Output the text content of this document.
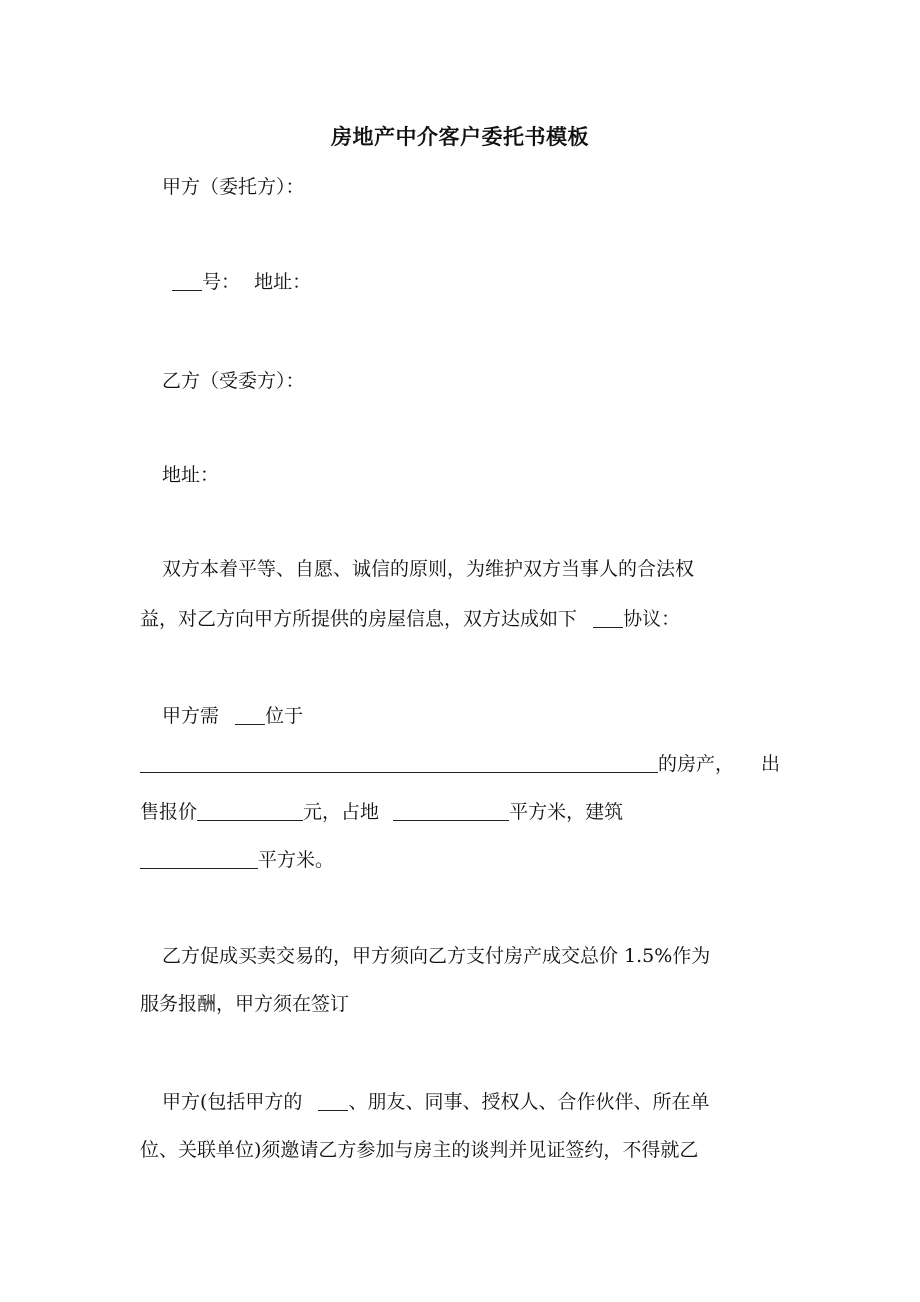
房地产中介客户委托书模板
甲方（委托方）：
号： 地址：
乙方（受委方）：
地址：
双方本着平等、自愿、诚信的原则，为维护双方当事人的合法权
益，对乙方向甲方所提供的房屋信息，双方达成如下 协议：
甲方需 位于
的房产， 出
售报价	元，占地	平方米，建筑
平方米。
乙方促成买卖交易的，甲方须向乙方支付房产成交总价 1.5%作为
服务报酬，甲方须在签订
甲方(包括甲方的 、朋友、同事、授权人、合作伙伴、所在单
位、关联单位)须邀请乙方参加与房主的谈判并见证签约，不得就乙
